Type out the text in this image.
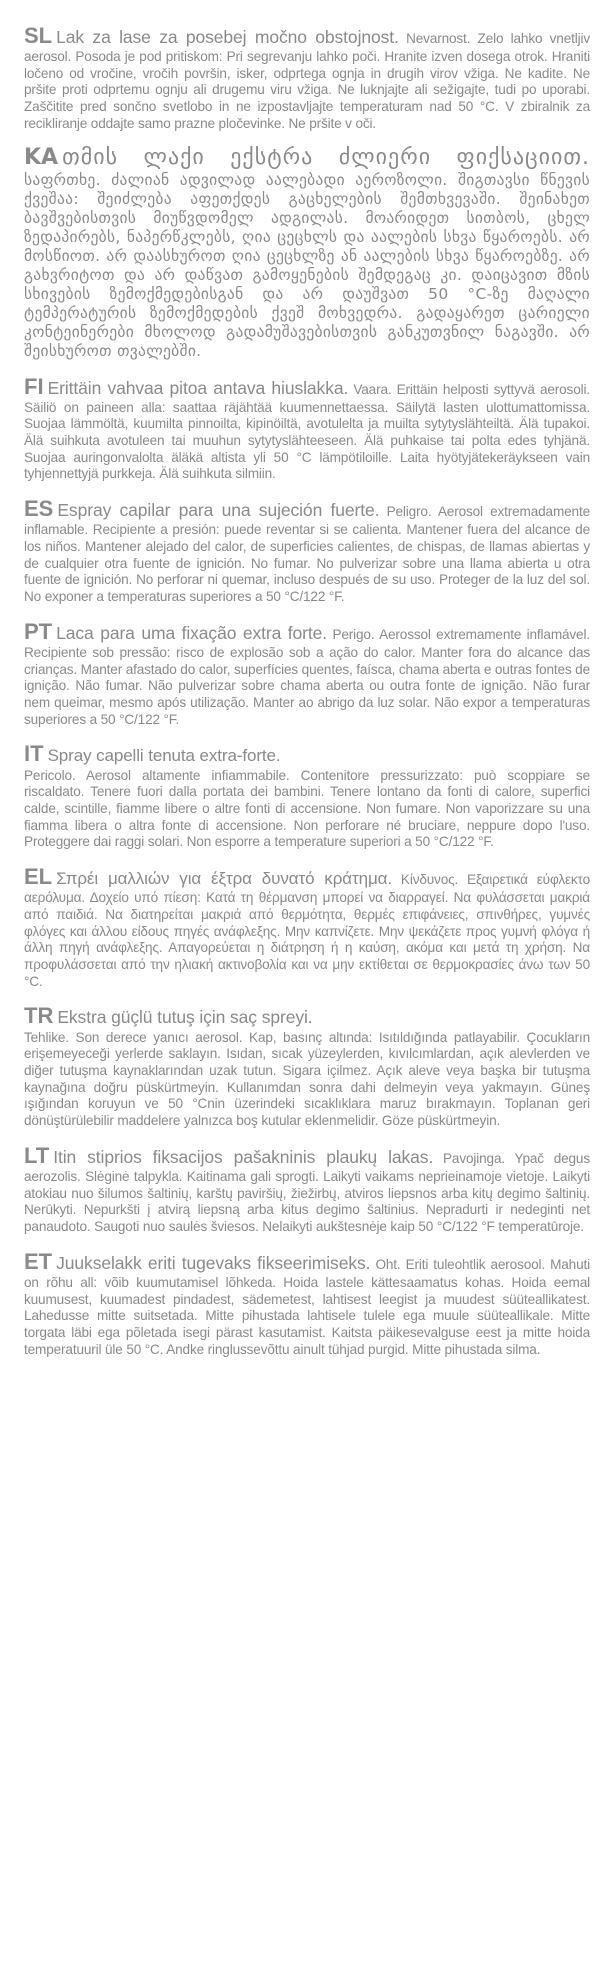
SL Lak za lase za posebej močno obstojnost. Nevarnost. Zelo lahko vnetljiv aerosol. Posoda je pod pritiskom: Pri segrevanju lahko poči. Hranite izven dosega otrok. Hraniti ločeno od vročine, vročih površin, isker, odprtega ognja in drugih virov vžiga. Ne kadite. Ne pršite proti odprtemu ognju ali drugemu viru vžiga. Ne luknjajte ali sežigajte, tudi po uporabi. Zaščitite pred sončno svetlobo in ne izpostavljajte temperaturam nad 50 °C. V zbiralnik za recikliranje oddajte samo prazne pločevinke. Ne pršite v oči.
KA თმის ლაქი ექსტრა ძლიერი ფიქსაციით. საფრთხე. ძალიან ადვილად აალებადი აეროზოლი. შიგთავსი წნევის ქვეშაა: შეიძლება აფეთქდეს გაცხელების შემთხვევაში. შეინახეთ ბავშვებისთვის მიუწვდომელ ადგილას. მოარიდეთ სითბოს, ცხელ ზედაპირებს, ნაპერწკლებს, ღია ცეცხლს და აალების სხვა წყაროებს. არ მოსწიოთ. არ დაასხუროთ ღია ცეცხლზე ან აალების სხვა წყაროებზე. არ გახვრიტოთ და არ დაწვათ გამოყენების შემდეგაც კი. დაიცავით მზის სხივების ზემოქმედებისგან და არ დაუშვათ 50 °C-ზე მაღალი ტემპერატურის ზემოქმედების ქვეშ მოხვედრა. გადაყარეთ ცარიელი კონტეინერები მხოლოდ გადამუშავებისთვის განკუთვნილ ნაგავში. არ შეისხუროთ თვალებში.
FI Erittäin vahvaa pitoa antava hiuslakka. Vaara. Erittäin helposti syttyvä aerosoli. Säiliö on paineen alla: saattaa räjähtää kuumennettaessa. Säilytä lasten ulottumattomissa. Suojaa lämmöltä, kuumilta pinnoilta, kipinöiltä, avotulelta ja muilta sytytyslähteiltä. Älä tupakoi. Älä suihkuta avotuleen tai muuhun sytytyslähteeseen. Älä puhkaise tai polta edes tyhjänä. Suojaa auringonvalolta äläkä altista yli 50 °C lämpötiloille. Laita hyötyjätekeräykseen vain tyhjennettyjä purkkeja. Älä suihkuta silmiin.
ES Espray capilar para una sujeción fuerte. Peligro. Aerosol extremadamente inflamable. Recipiente a presión: puede reventar si se calienta. Mantener fuera del alcance de los niños. Mantener alejado del calor, de superficies calientes, de chispas, de llamas abiertas y de cualquier otra fuente de ignición. No fumar. No pulverizar sobre una llama abierta u otra fuente de ignición. No perforar ni quemar, incluso después de su uso. Proteger de la luz del sol. No exponer a temperaturas superiores a 50 °C/122 °F.
PT Laca para uma fixação extra forte. Perigo. Aerossol extremamente inflamável. Recipiente sob pressão: risco de explosão sob a ação do calor. Manter fora do alcance das crianças. Manter afastado do calor, superfícies quentes, faísca, chama aberta e outras fontes de ignição. Não fumar. Não pulverizar sobre chama aberta ou outra fonte de ignição. Não furar nem queimar, mesmo após utilização. Manter ao abrigo da luz solar. Não expor a temperaturas superiores a 50 °C/122 °F.
IT Spray capelli tenuta extra-forte.
Pericolo. Aerosol altamente infiammabile. Contenitore pressurizzato: può scoppiare se riscaldato. Tenere fuori dalla portata dei bambini. Tenere lontano da fonti di calore, superfici calde, scintille, fiamme libere o altre fonti di accensione. Non fumare. Non vaporizzare su una fiamma libera o altra fonte di accensione. Non perforare né bruciare, neppure dopo l'uso. Proteggere dai raggi solari. Non esporre a temperature superiori a 50 °C/122 °F.
EL Σπρέι μαλλιών για έξτρα δυνατό κράτημα. Κίνδυνος. Εξαιρετικά εύφλεκτο αερόλυμα. Δοχείο υπό πίεση: Κατά τη θέρμανση μπορεί να διαρραγεί. Να φυλάσσεται μακριά από παιδιά. Να διατηρείται μακριά από θερμότητα, θερμές επιφάνειες, σπινθήρες, γυμνές φλόγες και άλλου είδους πηγές ανάφλεξης. Μην καπνίζετε. Μην ψεκάζετε προς γυμνή φλόγα ή άλλη πηγή ανάφλεξης. Απαγορεύεται η διάτρηση ή η καύση, ακόμα και μετά τη χρήση. Να προφυλάσσεται από την ηλιακή ακτινοβολία και να μην εκτίθεται σε θερμοκρασίες άνω των 50 °C.
TR Ekstra güçlü tutuş için saç spreyi.
Tehlike. Son derece yanıcı aerosol. Kap, basınç altında: Isıtıldığında patlayabilir. Çocukların erişemeyeceği yerlerde saklayın. Isıdan, sıcak yüzeylerden, kıvılcımlardan, açık alevlerden ve diğer tutuşma kaynaklarından uzak tutun. Sigara içilmez. Açık aleve veya başka bir tutuşma kaynağına doğru püskürtmeyin. Kullanımdan sonra dahi delmeyin veya yakmayın. Güneş ışığından koruyun ve 50 °Cnin üzerindeki sıcaklıklara maruz bırakmayın. Toplanan geri dönüştürülebilir maddelere yalnızca boş kutular eklenmelidir. Göze püskürtmeyin.
LT Itin stiprios fiksacijos pašakninis plaukų lakas. Pavojinga. Ypač degus aerozolis. Slėginė talpykla. Kaitinama gali sprogti. Laikyti vaikams neprieinamoje vietoje. Laikyti atokiau nuo šilumos šaltinių, karštų paviršių, žiežirbų, atviros liepsnos arba kitų degimo šaltinių. Nerūkyti. Nepurkšti į atvirą liepsną arba kitus degimo šaltinius. Nepradurti ir nedeginti net panaudoto. Saugoti nuo saulės šviesos. Nelaikyti aukštesnėje kaip 50 °C/122 °F temperatūroje.
ET Juukselakk eriti tugevaks fikseerimiseks. Oht. Eriti tuleohtlik aerosool. Mahuti on rõhu all: võib kuumutamisel lõhkeda. Hoida lastele kättesaamatus kohas. Hoida eemal kuumusest, kuumadest pindadest, sädemetest, lahtisest leegist ja muudest süüteallikatest. Lahedusse mitte suitsetada. Mitte pihustada lahtisele tulele ega muule süüteallikale. Mitte torgata läbi ega põletada isegi pärast kasutamist. Kaitsta päikesevalguse eest ja mitte hoida temperatuuril üle 50 °C. Andke ringlussevõttu ainult tühjad purgid. Mitte pihustada silma.
